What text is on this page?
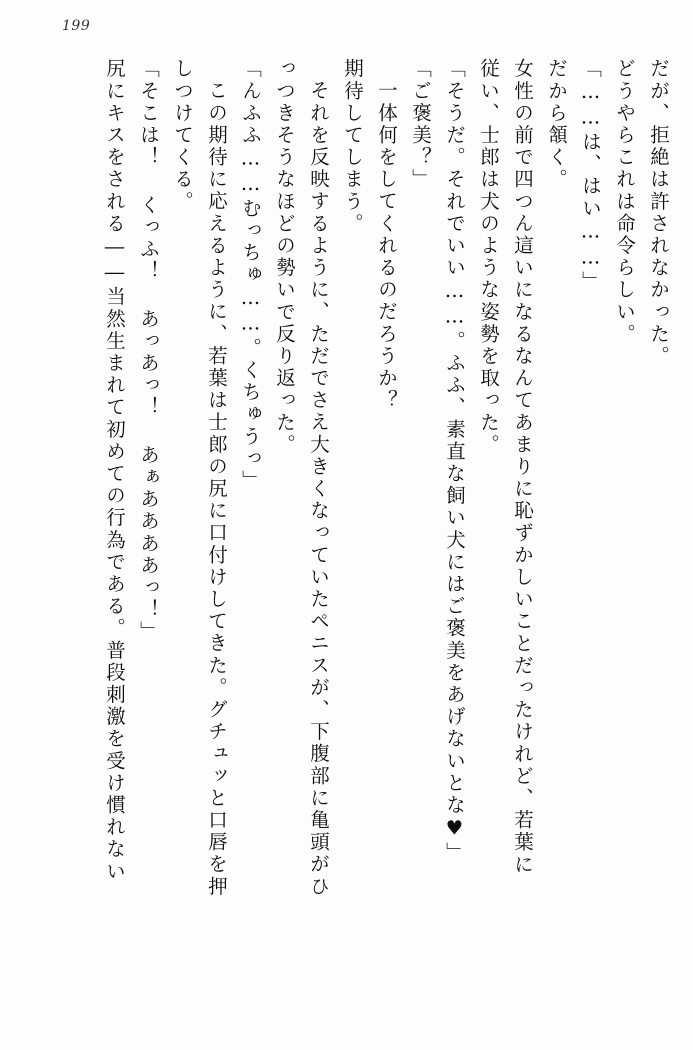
199
だが、拒絶は許されなかった。
どうやらこれは命令らしい。
「……は、はい……」
だから頷く。
女性の前で四つん這いになるなんてあまりに恥ずかしいことだったけれど、若葉に
従い、士郎は犬のような姿勢を取った。
「そうだ。それでいい……。ふふ、素直な飼い犬にはご褒美をあげないとな♥」
「ご褒美？」
一体何をしてくれるのだろうか？
期待してしまう。
それを反映するように、ただでさえ大きくなっていたペニスが、下腹部に亀頭がひ
っつきそうなほどの勢いで反り返った。
「んふふ……むっちゅ……。くちゅうっ」
この期待に応えるように、若葉は士郎の尻に口付けしてきた。グチュッと口唇を押
しつけてくる。
「そこは！ くっふ！ あっあっ！ あぁああああっ！」
尻にキスをされる――当然生まれて初めての行為である。普段刺激を受け慣れない
